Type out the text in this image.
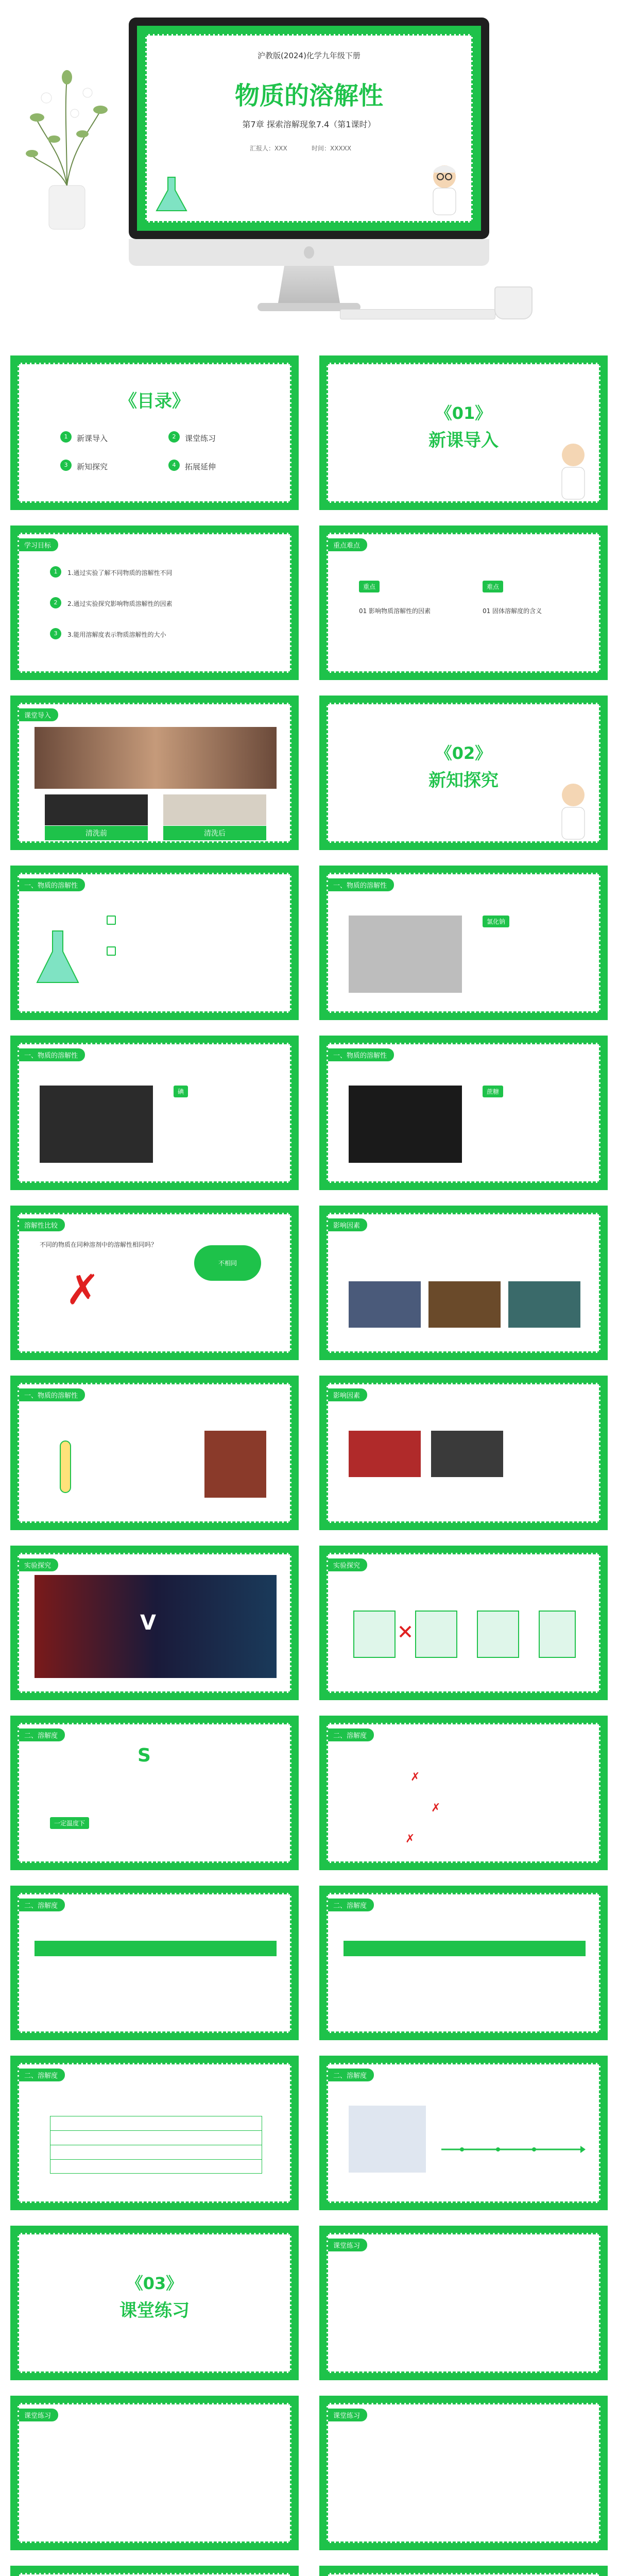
沪教版(2024)化学九年级下册
物质的溶解性
第7章 探索溶解现象7.4（第1课时）
汇报人：XXX	时间：XXXXX
《目录》
1	新课导入	2	课堂练习
3	新知探究	4	拓展延伸
《01》
新课导入
学习目标
1	1.通过实验了解不同物质的溶解性不同
2	2.通过实验探究影响物质溶解性的因素
3	3.能用溶解度表示物质溶解性的大小
重点难点
重点
01 影响物质溶解性的因素
难点
01 固体溶解度的含义
课堂导入
清洗前	清洗后
《02》
新知探究
一、物质的溶解性	一、物质的溶解性
氯化钠
一、物质的溶解性
碘
一、物质的溶解性
蔗糖
溶解性比较
不同的物质在同种溶剂中的溶解性相同吗？
✗
不相同
影响因素
一、物质的溶解性	影响因素
实验探究
V
实验探究
二、溶解度
S
一定温度下
二、溶解度
✗
✗
✗
二、溶解度	二、溶解度
二、溶解度	二、溶解度
《03》
课堂练习
课堂练习
课堂练习	课堂练习
